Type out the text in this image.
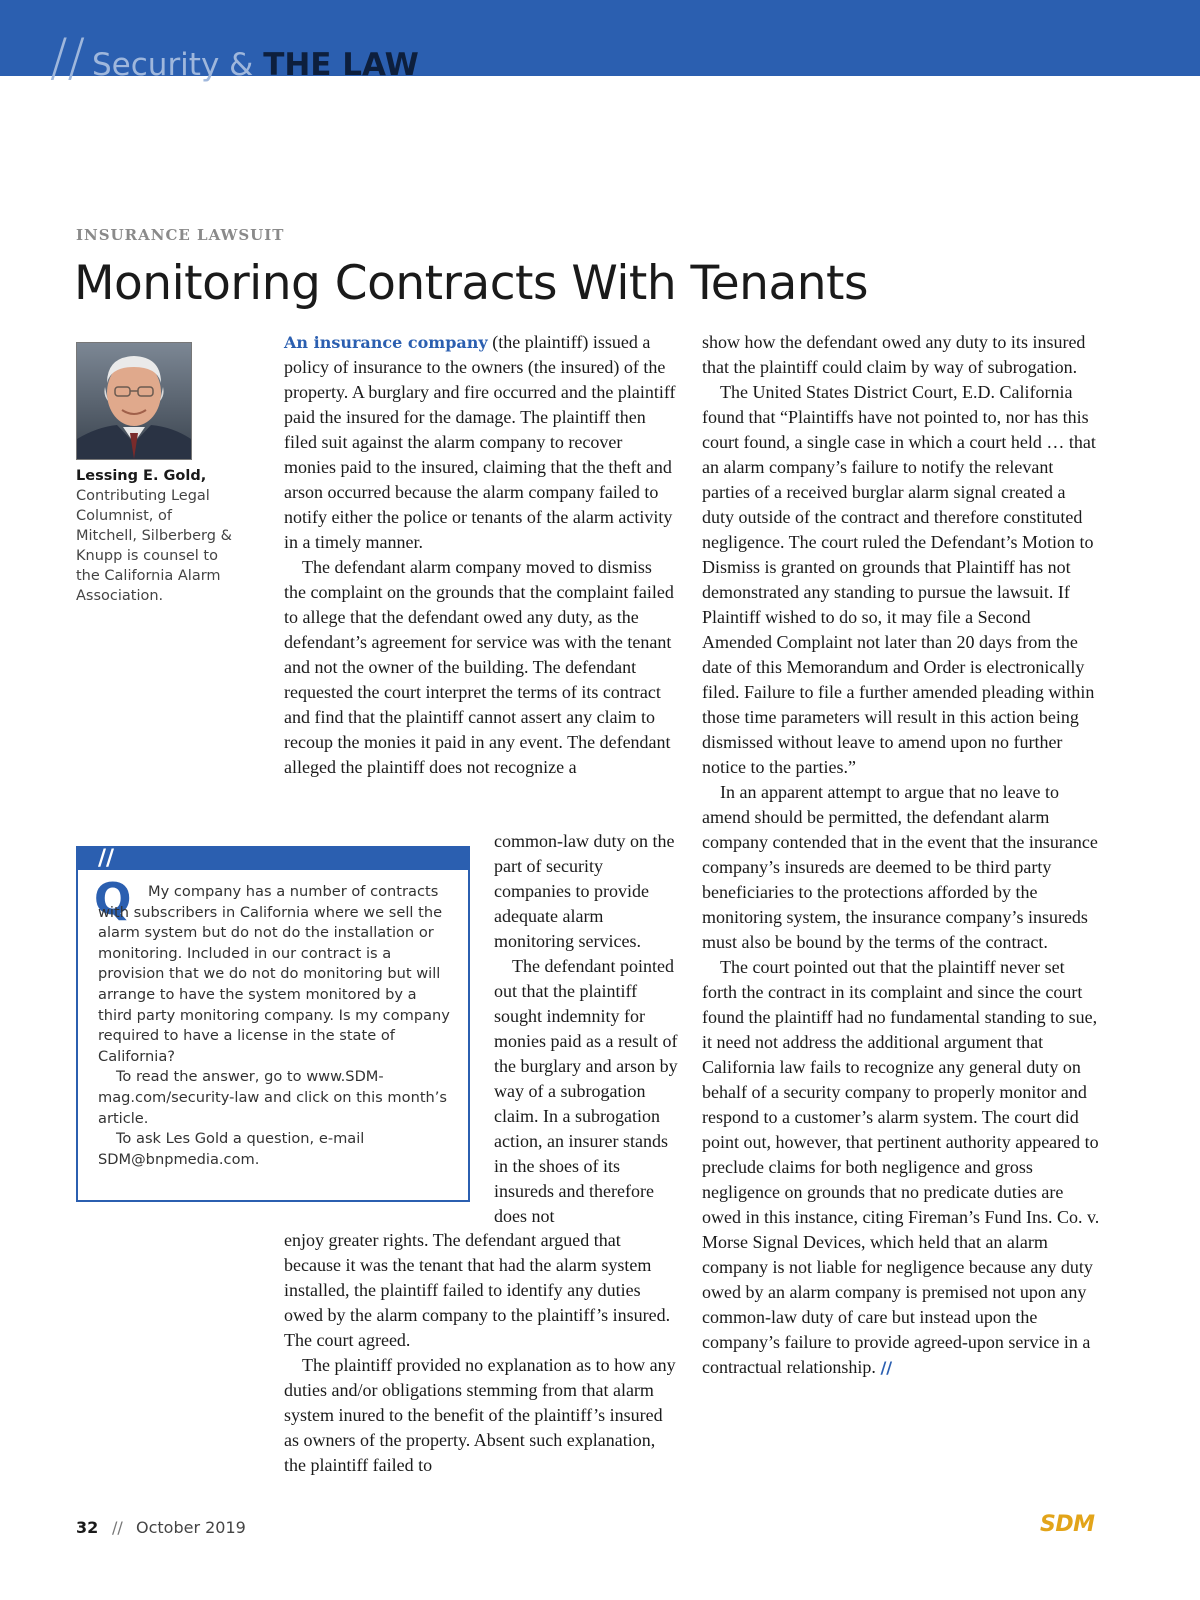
// Security & THE LAW
INSURANCE LAWSUIT
Monitoring Contracts With Tenants
Lessing E. Gold,
Contributing Legal Columnist, of Mitchell, Silberberg & Knupp is counsel to the California Alarm Association.

An insurance company (the plaintiff) issued a policy of insurance to the owners (the insured) of the property. A burglary and fire occurred and the plaintiff paid the insured for the damage. The plaintiff then filed suit against the alarm company to recover monies paid to the insured, claiming that the theft and arson occurred because the alarm company failed to notify either the police or tenants of the alarm activity in a timely manner.

The defendant alarm company moved to dismiss the complaint on the grounds that the complaint failed to allege that the defendant owed any duty, as the defendant’s agreement for service was with the tenant and not the owner of the building. The defendant requested the court interpret the terms of its contract and find that the plaintiff cannot assert any claim to recoup the monies it paid in any event. The defendant alleged the plaintiff does not recognize a

common-law duty on the part of security companies to provide adequate alarm monitoring services.

The defendant pointed out that the plaintiff sought indemnity for monies paid as a result of the burglary and arson by way of a subrogation claim. In a subrogation action, an insurer stands in the shoes of its insureds and therefore does not

enjoy greater rights. The defendant argued that because it was the tenant that had the alarm system installed, the plaintiff failed to identify any duties owed by the alarm company to the plaintiff’s insured. The court agreed.

The plaintiff provided no explanation as to how any duties and/or obligations stemming from that alarm system inured to the benefit of the plaintiff’s insured as owners of the property. Absent such explanation, the plaintiff failed to

show how the defendant owed any duty to its insured that the plaintiff could claim by way of subrogation.

The United States District Court, E.D. California found that “Plaintiffs have not pointed to, nor has this court found, a single case in which a court held … that an alarm company’s failure to notify the relevant parties of a received burglar alarm signal created a duty outside of the contract and therefore constituted negligence. The court ruled the Defendant’s Motion to Dismiss is granted on grounds that Plaintiff has not demonstrated any standing to pursue the lawsuit. If Plaintiff wished to do so, it may file a Second Amended Complaint not later than 20 days from the date of this Memorandum and Order is electronically filed. Failure to file a further amended pleading within those time parameters will result in this action being dismissed without leave to amend upon no further notice to the parties.”

In an apparent attempt to argue that no leave to amend should be permitted, the defendant alarm company contended that in the event that the insurance company’s insureds are deemed to be third party beneficiaries to the protections afforded by the monitoring system, the insurance company’s insureds must also be bound by the terms of the contract.

The court pointed out that the plaintiff never set forth the contract in its complaint and since the court found the plaintiff had no fundamental standing to sue, it need not address the additional argument that California law fails to recognize any general duty on behalf of a security company to properly monitor and respond to a customer’s alarm system. The court did point out, however, that pertinent authority appeared to preclude claims for both negligence and gross negligence on grounds that no predicate duties are owed in this instance, citing Fireman’s Fund Ins. Co. v. Morse Signal Devices, which held that an alarm company is not liable for negligence because any duty owed by an alarm company is premised not upon any common-law duty of care but instead upon the company’s failure to provide agreed-upon service in a contractual relationship. //

//
Q	My company has a number of contracts with subscribers in California where we sell the alarm system but do not do the installation or monitoring. Included in our contract is a provision that we do not do monitoring but will arrange to have the system monitored by a third party monitoring company. Is my company required to have a license in the state of California?

To read the answer, go to www.SDM-mag.com/security-law and click on this month’s article.

To ask Les Gold a question, e-mail SDM@bnpmedia.com.

32 // October 2019	SDM
